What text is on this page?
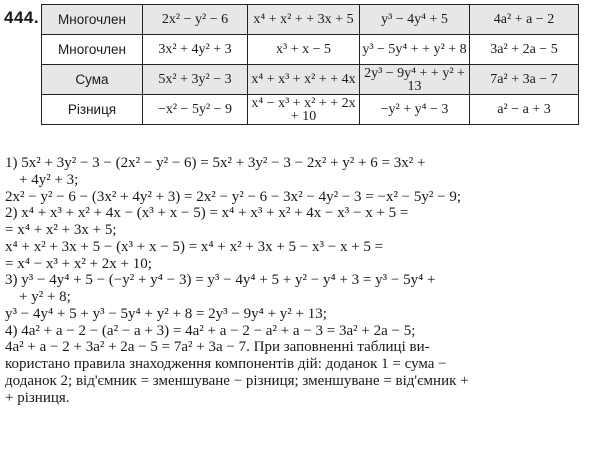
444. Многочлен	2x² − y² − 6	x⁴ + x² + + 3x + 5	y³ − 4y⁴ + 5	4a² + a − 2
Многочлен	3x² + 4y² + 3	x³ + x − 5	y³ − 5y⁴ + + y² + 8	3a² + 2a − 5
Сума	5x² + 3y² − 3	x⁴ + x³ + x² + + 4x	2y³ − 9y⁴ + + y² + 13	7a² + 3a − 7
Різниця	−x² − 5y² − 9	x⁴ − x³ + x² + + 2x + 10	−y² + y⁴ − 3	a² − a + 3
1) 5x² + 3y² − 3 − (2x² − y² − 6) = 5x² + 3y² − 3 − 2x² + y² + 6 = 3x² +
+ 4y² + 3;
2x² − y² − 6 − (3x² + 4y² + 3) = 2x² − y² − 6 − 3x² − 4y² − 3 = −x² − 5y² − 9;
2) x⁴ + x³ + x² + 4x − (x³ + x − 5) = x⁴ + x³ + x² + 4x − x³ − x + 5 =
= x⁴ + x² + 3x + 5;
x⁴ + x² + 3x + 5 − (x³ + x − 5) = x⁴ + x² + 3x + 5 − x³ − x + 5 =
= x⁴ − x³ + x² + 2x + 10;
3) y³ − 4y⁴ + 5 − (−y² + y⁴ − 3) = y³ − 4y⁴ + 5 + y² − y⁴ + 3 = y³ − 5y⁴ +
+ y² + 8;
y³ − 4y⁴ + 5 + y³ − 5y⁴ + y² + 8 = 2y³ − 9y⁴ + y² + 13;
4) 4a² + a − 2 − (a² − a + 3) = 4a² + a − 2 − a² + a − 3 = 3a² + 2a − 5;
4a² + a − 2 + 3a² + 2a − 5 = 7a² + 3a − 7. При заповненні таблиці ви-
користано правила знаходження компонентів дій: доданок 1 = сума −
доданок 2; від'ємник = зменшуване − різниця; зменшуване = від'ємник +
+ різниця.
